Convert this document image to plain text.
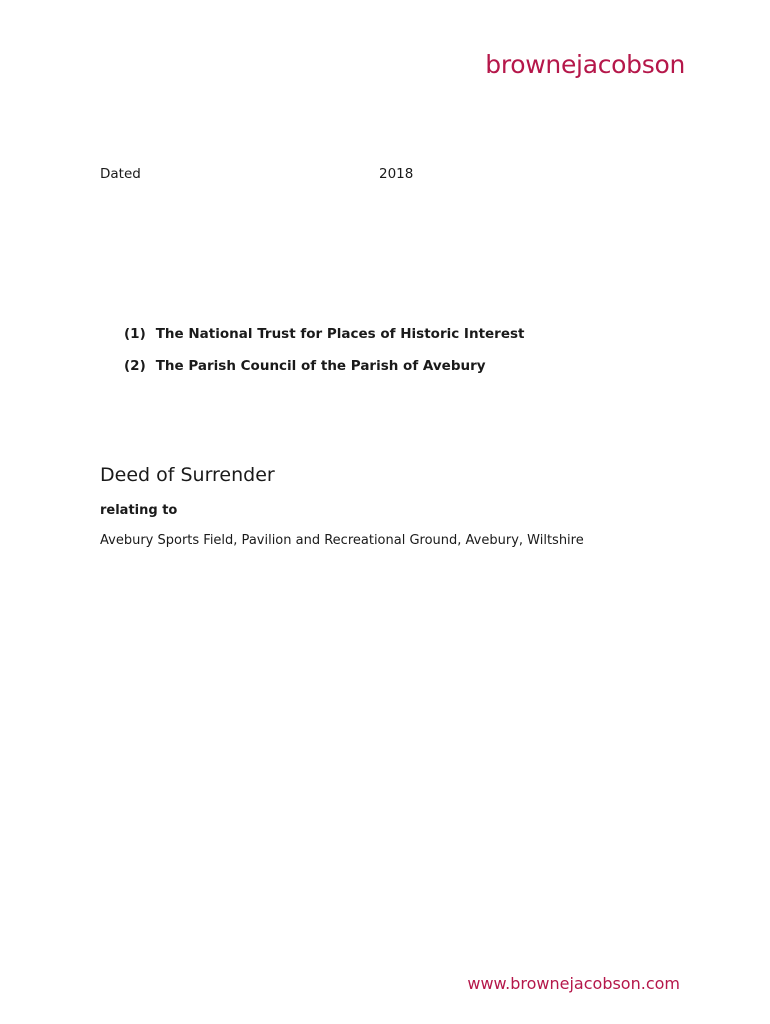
brownejacobson
Dated	2018
(1) The National Trust for Places of Historic Interest
(2) The Parish Council of the Parish of Avebury
Deed of Surrender
relating to
Avebury Sports Field, Pavilion and Recreational Ground, Avebury, Wiltshire
www.brownejacobson.com
